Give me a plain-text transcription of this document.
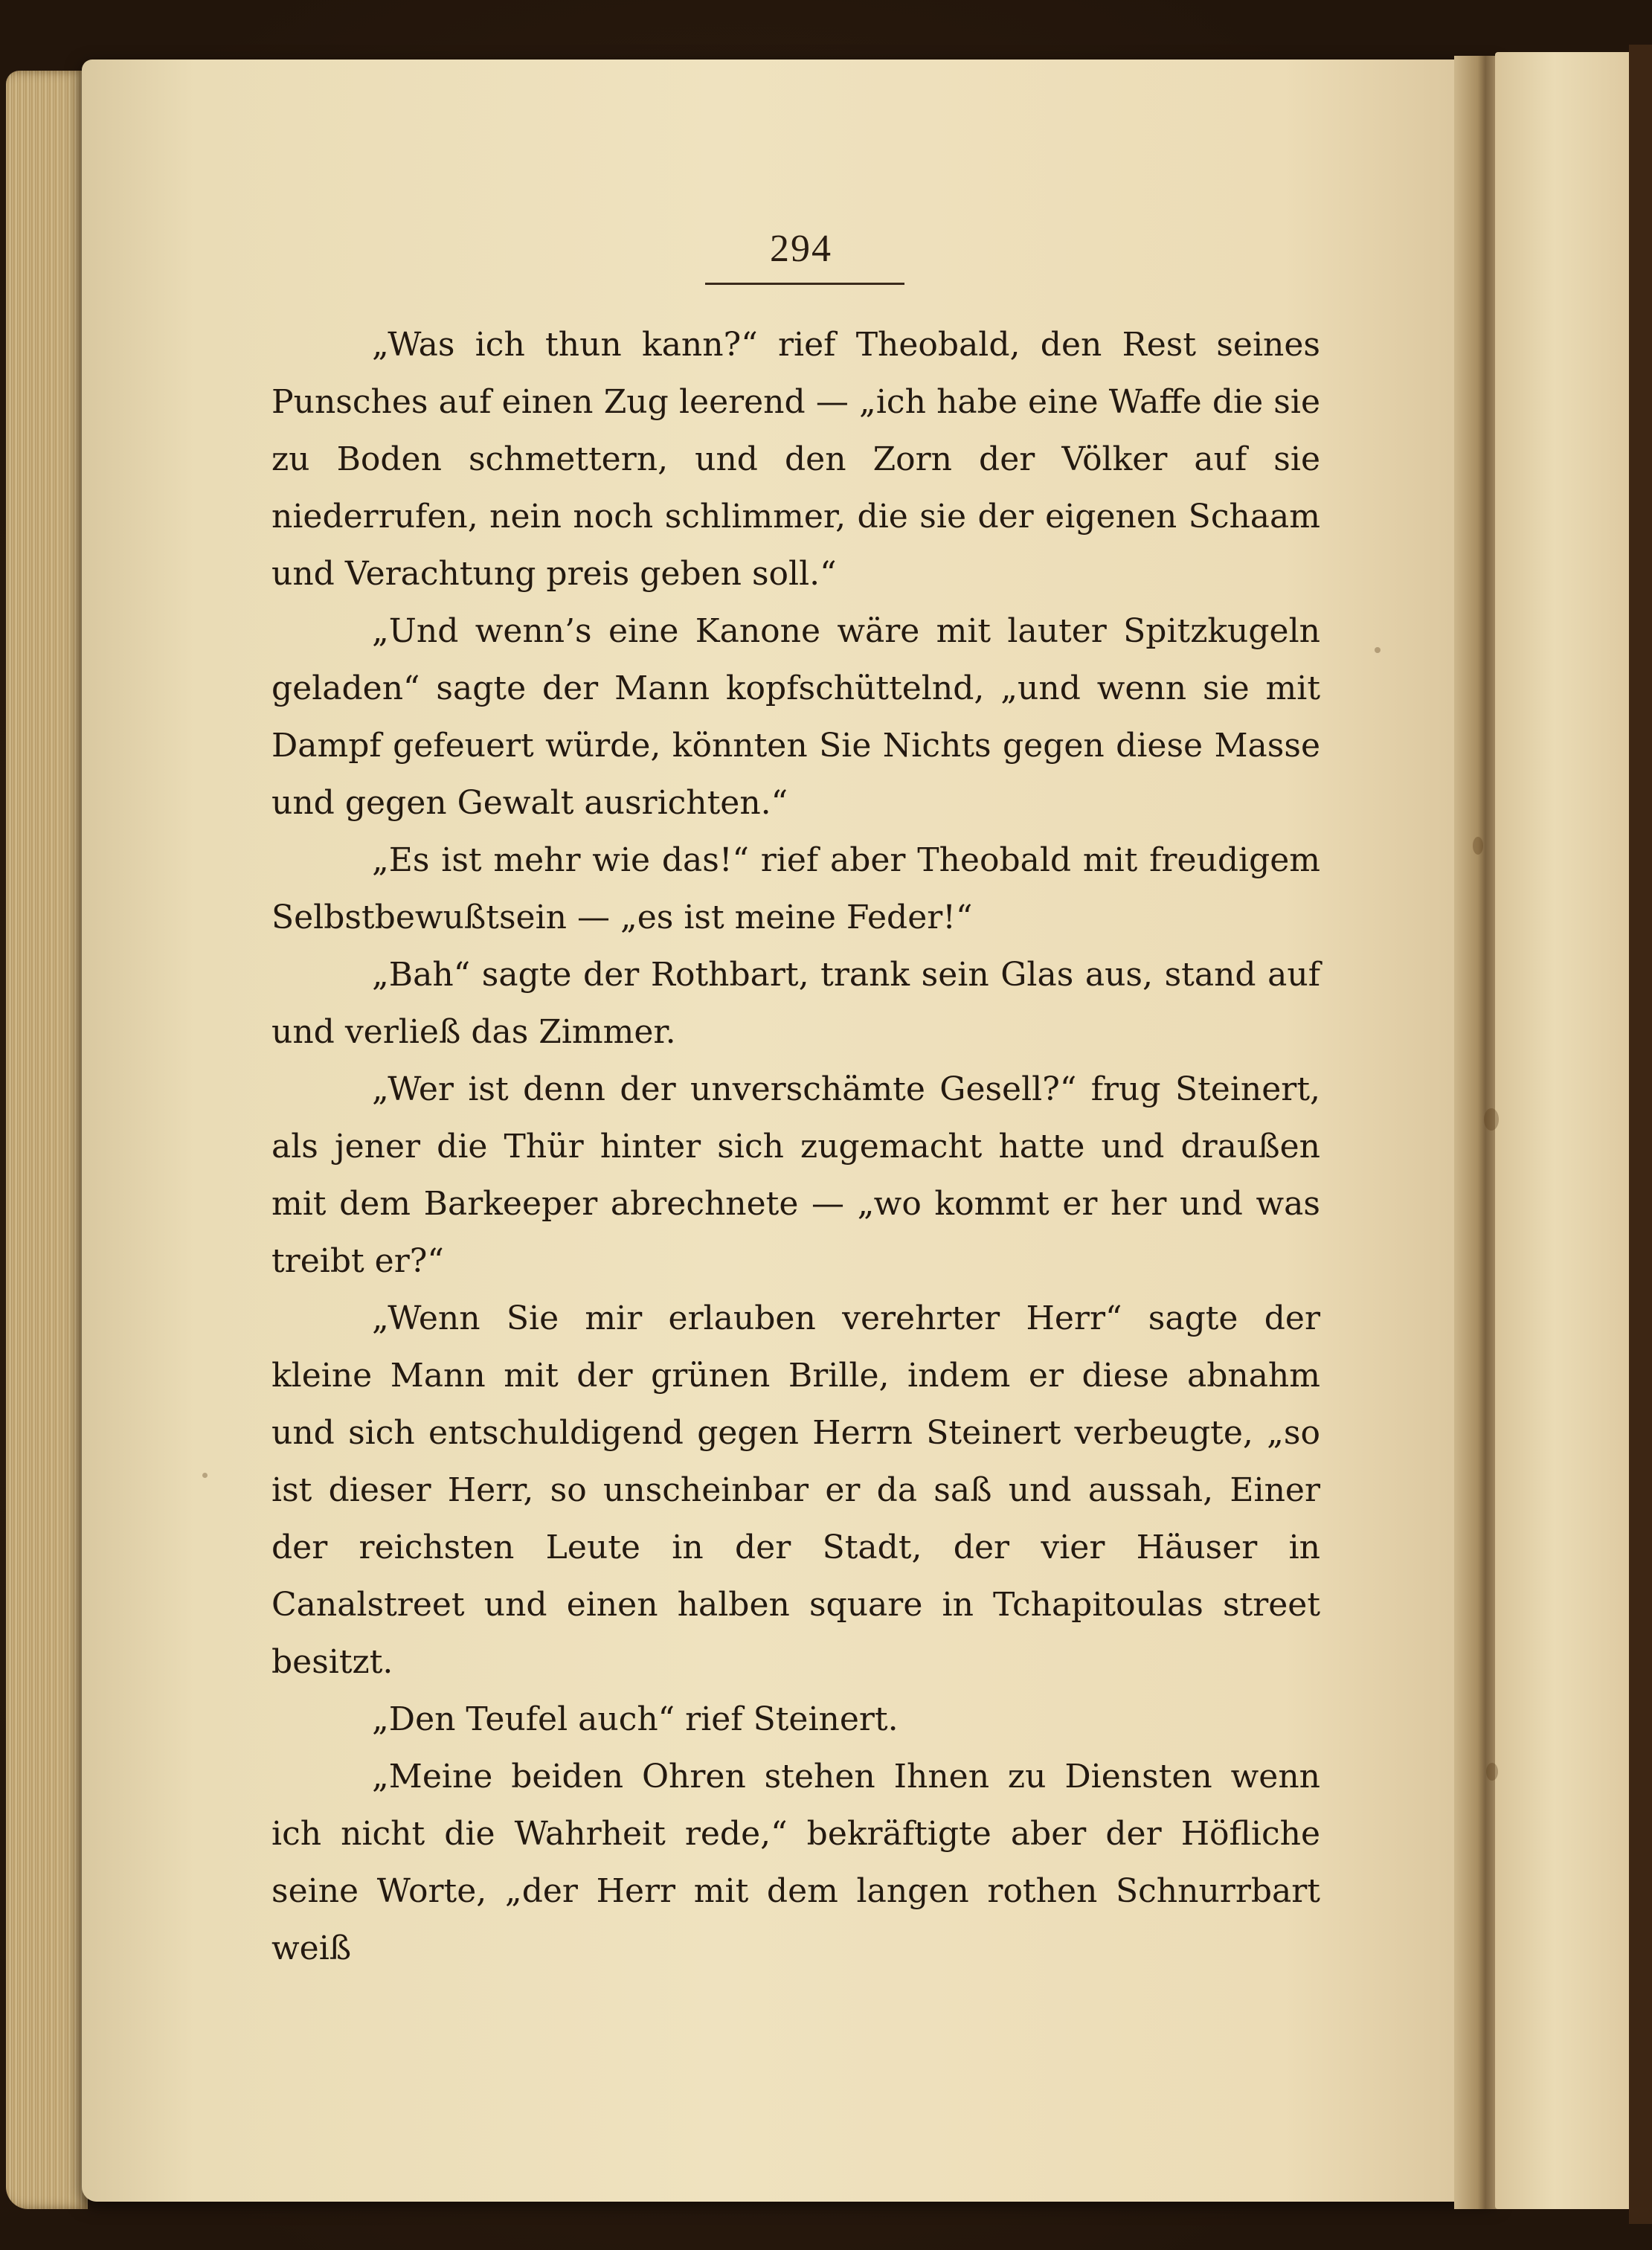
294

„Was ich thun kann?“ rief Theobald, den Rest seines Punsches auf einen Zug leerend — „ich habe eine Waffe die sie zu Boden schmettern, und den Zorn der Völker auf sie niederrufen, nein noch schlimmer, die sie der eigenen Schaam und Verachtung preis geben soll.“

„Und wenn’s eine Kanone wäre mit lauter Spitzkugeln geladen“ sagte der Mann kopfschüttelnd, „und wenn sie mit Dampf gefeuert würde, könnten Sie Nichts gegen diese Masse und gegen Gewalt ausrichten.“

„Es ist mehr wie das!“ rief aber Theobald mit freudigem Selbstbewußtsein — „es ist meine Feder!“

„Bah“ sagte der Rothbart, trank sein Glas aus, stand auf und verließ das Zimmer.

„Wer ist denn der unverschämte Gesell?“ frug Steinert, als jener die Thür hinter sich zugemacht hatte und draußen mit dem Barkeeper abrechnete — „wo kommt er her und was treibt er?“

„Wenn Sie mir erlauben verehrter Herr“ sagte der kleine Mann mit der grünen Brille, indem er diese abnahm und sich entschuldigend gegen Herrn Steinert verbeugte, „so ist dieser Herr, so unscheinbar er da saß und aussah, Einer der reichsten Leute in der Stadt, der vier Häuser in Canalstreet und einen halben square in Tchapitoulas street besitzt.

„Den Teufel auch“ rief Steinert.

„Meine beiden Ohren stehen Ihnen zu Diensten wenn ich nicht die Wahrheit rede,“ bekräftigte aber der Höfliche seine Worte, „der Herr mit dem langen rothen Schnurrbart weiß
